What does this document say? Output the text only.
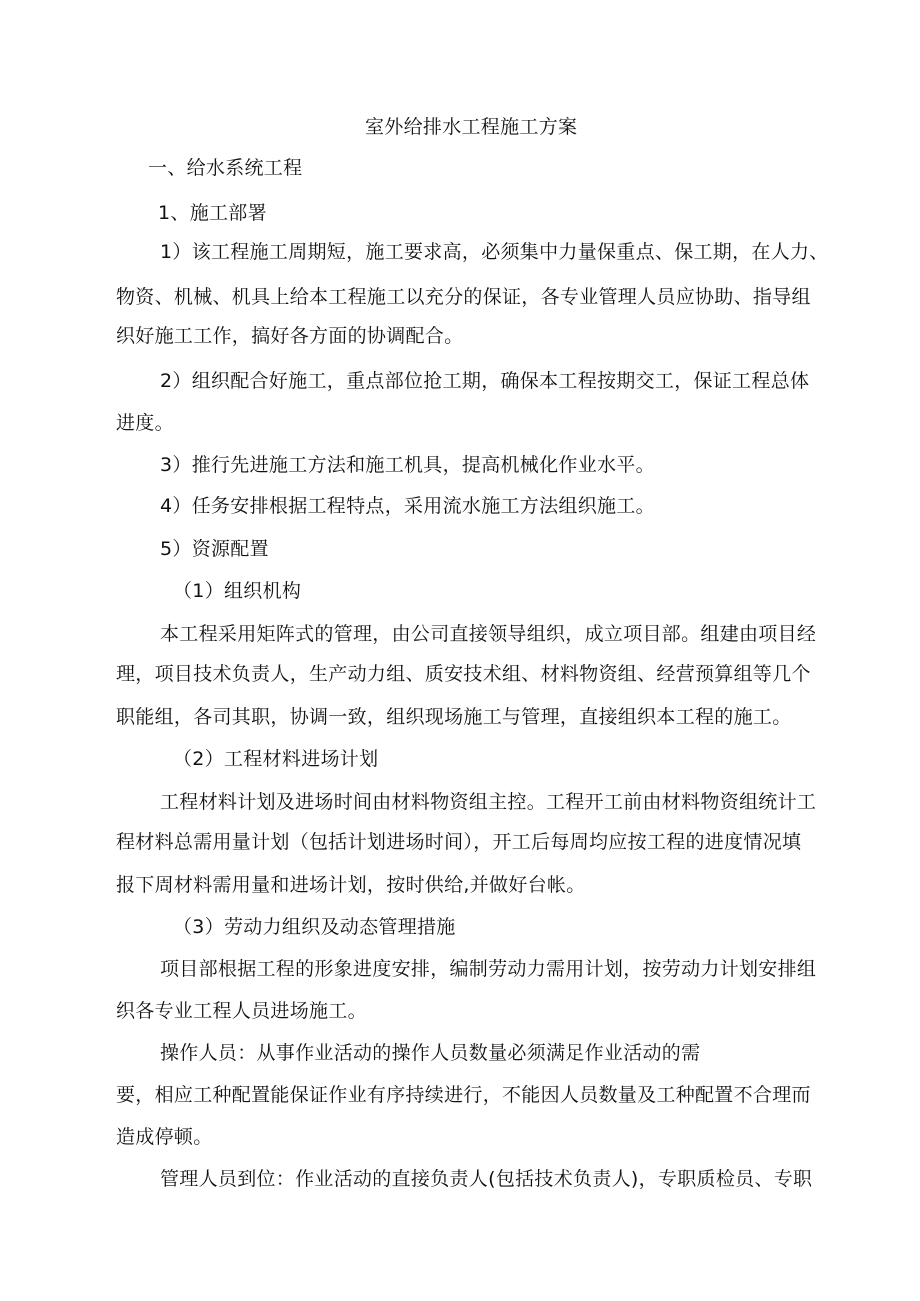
室外给排水工程施工方案
一、给水系统工程
1、施工部署
1）该工程施工周期短，施工要求高，必须集中力量保重点、保工期，在人力、
物资、机械、机具上给本工程施工以充分的保证，各专业管理人员应协助、指导组
织好施工工作，搞好各方面的协调配合。
2）组织配合好施工，重点部位抢工期，确保本工程按期交工，保证工程总体
进度。
3）推行先进施工方法和施工机具，提高机械化作业水平。
4）任务安排根据工程特点，采用流水施工方法组织施工。
5）资源配置
（1）组织机构
本工程采用矩阵式的管理，由公司直接领导组织，成立项目部。组建由项目经
理，项目技术负责人，生产动力组、质安技术组、材料物资组、经营预算组等几个
职能组，各司其职，协调一致，组织现场施工与管理，直接组织本工程的施工。
（2）工程材料进场计划
工程材料计划及进场时间由材料物资组主控。工程开工前由材料物资组统计工
程材料总需用量计划（包括计划进场时间），开工后每周均应按工程的进度情况填
报下周材料需用量和进场计划，按时供给,并做好台帐。
（3）劳动力组织及动态管理措施
项目部根据工程的形象进度安排，编制劳动力需用计划，按劳动力计划安排组
织各专业工程人员进场施工。
操作人员：从事作业活动的操作人员数量必须满足作业活动的需
要，相应工种配置能保证作业有序持续进行，不能因人员数量及工种配置不合理而
造成停顿。
管理人员到位：作业活动的直接负责人(包括技术负责人)，专职质检员、专职
